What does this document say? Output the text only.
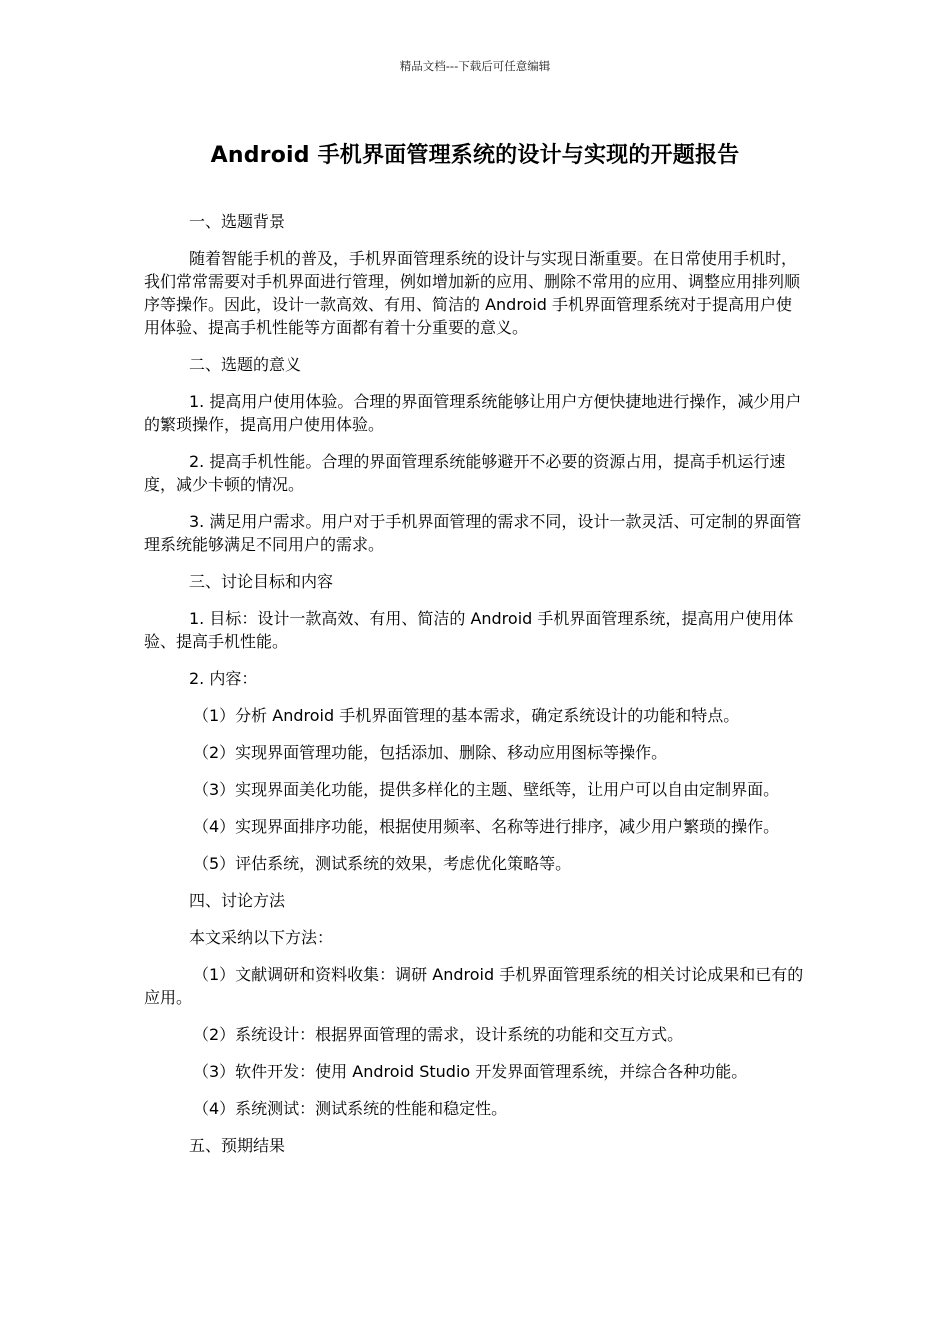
精品文档---下载后可任意编辑
Android 手机界面管理系统的设计与实现的开题报告

一、选题背景

随着智能手机的普及，手机界面管理系统的设计与实现日渐重要。在日常使用手机时，我们常常需要对手机界面进行管理，例如增加新的应用、删除不常用的应用、调整应用排列顺序等操作。因此，设计一款高效、有用、简洁的 Android 手机界面管理系统对于提高用户使用体验、提高手机性能等方面都有着十分重要的意义。

二、选题的意义

1. 提高用户使用体验。合理的界面管理系统能够让用户方便快捷地进行操作，减少用户的繁琐操作，提高用户使用体验。

2. 提高手机性能。合理的界面管理系统能够避开不必要的资源占用，提高手机运行速度，减少卡顿的情况。

3. 满足用户需求。用户对于手机界面管理的需求不同，设计一款灵活、可定制的界面管理系统能够满足不同用户的需求。

三、讨论目标和内容

1. 目标：设计一款高效、有用、简洁的 Android 手机界面管理系统，提高用户使用体验、提高手机性能。

2. 内容：

（1）分析 Android 手机界面管理的基本需求，确定系统设计的功能和特点。

（2）实现界面管理功能，包括添加、删除、移动应用图标等操作。

（3）实现界面美化功能，提供多样化的主题、壁纸等，让用户可以自由定制界面。

（4）实现界面排序功能，根据使用频率、名称等进行排序，减少用户繁琐的操作。

（5）评估系统，测试系统的效果，考虑优化策略等。

四、讨论方法

本文采纳以下方法：

（1）文献调研和资料收集：调研 Android 手机界面管理系统的相关讨论成果和已有的应用。

（2）系统设计：根据界面管理的需求，设计系统的功能和交互方式。

（3）软件开发：使用 Android Studio 开发界面管理系统，并综合各种功能。

（4）系统测试：测试系统的性能和稳定性。

五、预期结果
